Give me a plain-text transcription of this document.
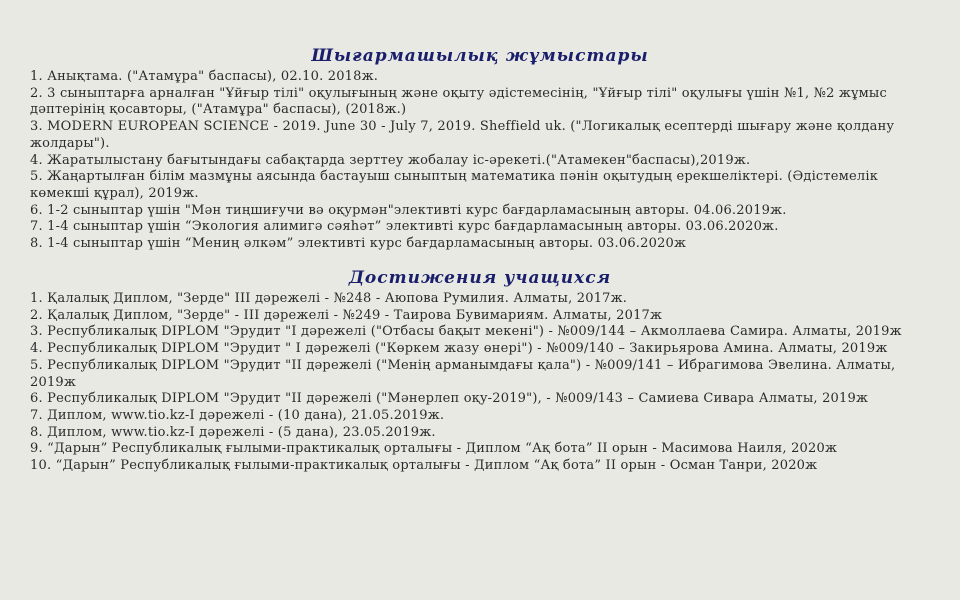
Шығармашылық жұмыстары
1. Анықтама. ("Атамұра" баспасы), 02.10. 2018ж.
2. 3 сыныптарға арналған "Ұйғыр тілі" оқулығының және оқыту әдістемесінің, "Ұйғыр тілі" оқулығы үшін №1, №2 жұмыс дәптерінің қосавторы, ("Атамұра" баспасы), (2018ж.)
3. MODERN EUROPEAN SCIENCE - 2019. June 30 - July 7, 2019. Sheffield uk. ("Логикалық есептерді шығару және қолдану жолдары").
4. Жаратылыстану бағытындағы сабақтарда зерттеу жобалау іс-әрекеті.("Атамекен"баспасы),2019ж.
5. Жаңартылған білім мазмұны аясында бастауыш сыныптың математика пәнін оқытудың ерекшеліктері. (Әдістемелік көмекші құрал), 2019ж.
6. 1-2 сыныптар үшін "Мән тиңшиғучи вә оқурмән"элективті курс бағдарламасының авторы. 04.06.2019ж.
7. 1-4 сыныптар үшін “Экология алимигә сәяһәт” элективті курс бағдарламасының авторы. 03.06.2020ж.
8. 1-4 сыныптар үшін “Мениң әлкәм” элективті курс бағдарламасының авторы. 03.06.2020ж
Достижения учащихся
1. Қалалық Диплом, "Зерде" ІІІ дәрежелі - №248 - Аюпова Румилия. Алматы, 2017ж.
2. Қалалық Диплом, "Зерде" - ІІІ дәрежелі - №249 - Таирова Бувимариям. Алматы, 2017ж
3. Республикалық DIPLOM "Эрудит "І дәрежелі ("Отбасы бақыт мекені") - №009/144 – Акмоллаева Самира. Алматы, 2019ж
4. Республикалық DIPLOM "Эрудит " І дәрежелі ("Көркем жазу өнері") - №009/140 – Закирьярова Амина. Алматы, 2019ж
5. Республикалық DIPLOM "Эрудит "ІІ дәрежелі ("Менің арманымдағы қала") - №009/141 – Ибрагимова Эвелина. Алматы, 2019ж
6. Республикалық DIPLOM "Эрудит "ІІ дәрежелі ("Мәнерлеп оқу-2019"), - №009/143 – Самиева Сивара Алматы, 2019ж
7. Диплом, www.tio.kz-І дәрежелі - (10 дана), 21.05.2019ж.
8. Диплом, www.tio.kz-І дәрежелі - (5 дана), 23.05.2019ж.
9. “Дарын” Республикалық ғылыми-практикалық орталығы - Диплом “Ақ бота” ІІ орын - Масимова Наиля, 2020ж
10. “Дарын” Республикалық ғылыми-практикалық орталығы - Диплом “Ақ бота” ІІ орын - Осман Танри, 2020ж
